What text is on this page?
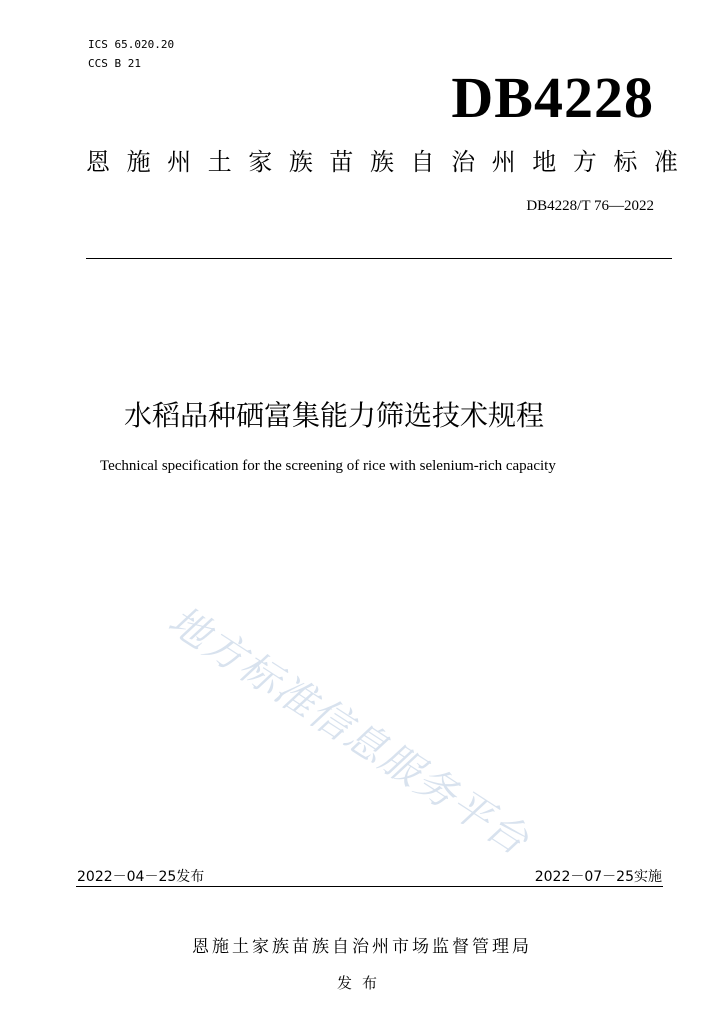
ICS 65.020.20
CCS B 21
DB4228
恩 施 州 土 家 族 苗 族 自 治 州 地 方 标 准
DB4228/T 76—2022
水稻品种硒富集能力筛选技术规程
Technical specification for the screening of rice with selenium-rich capacity
地方标准信息服务平台
2022－04－25发布	2022－07－25实施
恩施土家族苗族自治州市场监督管理局
发布
